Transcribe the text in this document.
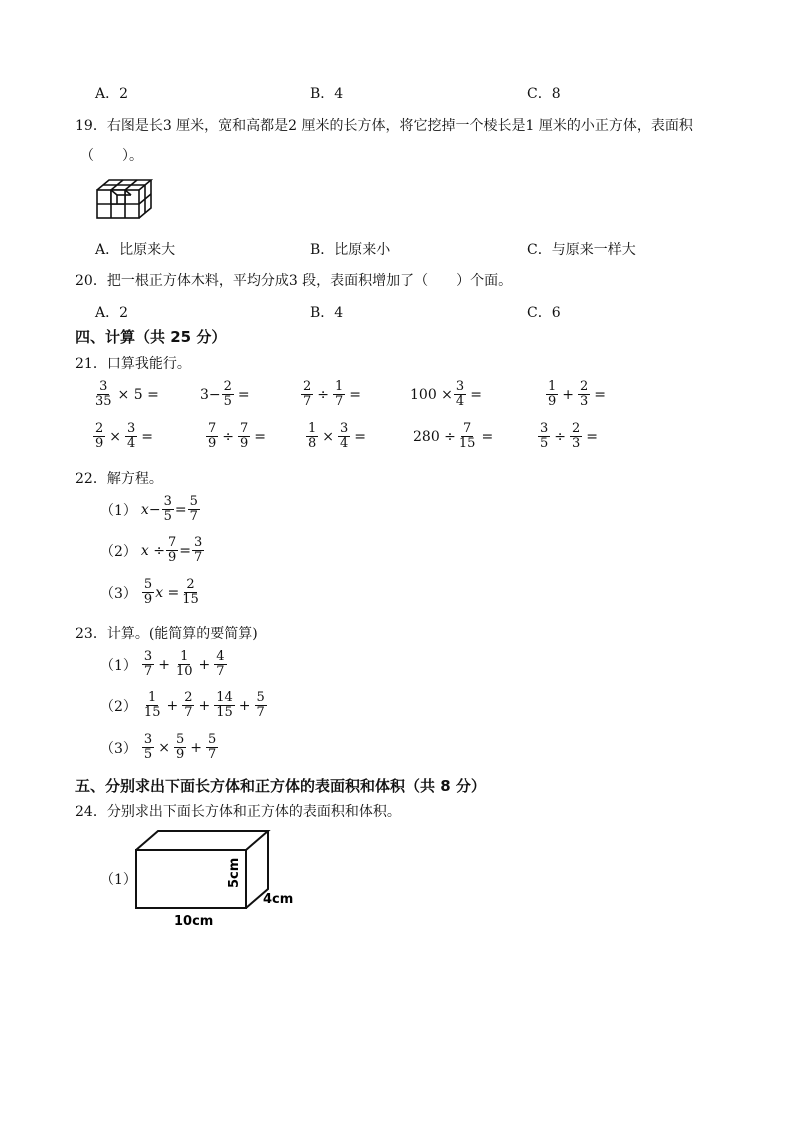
A．2	B．4	C．8
19．右图是长3 厘米，宽和高都是2 厘米的长方体，将它挖掉一个棱长是1 厘米的小正方体，表面积
（　　）。
A．比原来大	B．比原来小	C．与原来一样大
20．把一根正方体木料，平均分成3 段，表面积增加了（　　）个面。
A．2	B．4	C．6
四、计算（共 25 分）
21．口算我能行。
$\frac{3}{35} \times 5$ =	$3- \frac{2}{5}$ =	$\frac{2}{7} \div \frac{1}{7}$ =	$100 \times \frac{3}{4}$ =	$\frac{1}{9} + \frac{2}{3}$ =
$\frac{2}{9} \times \frac{3}{4}$ =	$\frac{7}{9} \div \frac{7}{9}$ =	$\frac{1}{8} \times \frac{3}{4}$ =	$280 \div \frac{7}{15}$ =	$\frac{3}{5} \div \frac{2}{3}$ =
22．解方程。
（1） $x- \frac{3}{5} = \frac{5}{7}$
（2） $x \div \frac{7}{9} = \frac{3}{7}$
$(3) \frac{5}{9}$ $x = \frac{2}{15}$
23．计算。(能简算的要简算)
$(1) \frac{3}{7} + \frac{1}{10} + \frac{4}{7}$
$(2) \frac{1}{15} + \frac{2}{7} + \frac{14}{15} + \frac{5}{7}$
$(3) \frac{3}{5} \times \frac{5}{9} + \frac{5}{7}$
五、分别求出下面长方体和正方体的表面积和体积（共 8 分）
24．分别求出下面长方体和正方体的表面积和体积。
（1）	5cm
4cm
10cm
